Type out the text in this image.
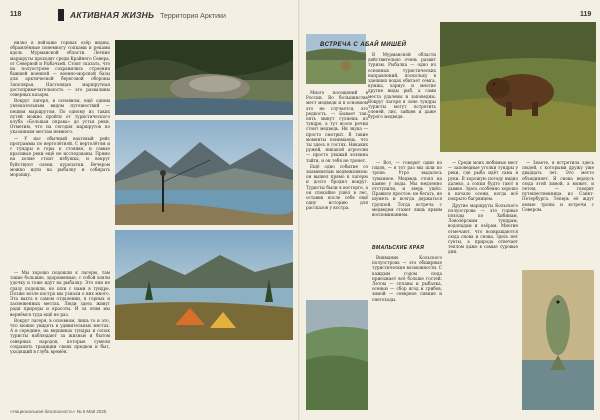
118	АКТИВНАЯ ЖИЗНЬ Территория Арктики

низко в пейзаже горных озёр видны, обрамлённые понемногу сопками и реками вдоль Мурманской области. Летние маршруты проходят среди Крайнего Севера, от Северной и Рыбачьей. Стоит сказать, что на полуострове сохранились строения бывшей военной — военно-морской базы для арктической береговой обороны Заполярья. Настоящая маршрутная достопримечательность — это развалины северных казарм.

Вокруг лагеря, в основном, ещё одним увлекательным видом путешествий — пешим маршрутом. По одному из таких путей можно пройти от туристического клуба «Большая оправа» до устья реки. Отметим, что на сегодня маршрутов по указанным местам немного.

— У нас обычный вахтовый рейс программы по вертолётной. С вертолётом и с тундры в горы к стоянке, и самые красивые реки ещё не исследованы. Прямо на холме стоит избушка, и вокруг буйствуют олени, куропатки. Вечером можно идти на рыбалку и собирать морошку.

— Мы хорошо подошли к лагерю, там такие большие, здоровенные, с собой взяли удочку и тоже идут на рыбалку. Это они не сразу подошли, но шли с нами в тундре. Позже возле костра мы узнали о них много. Эта вахта в самом отдалении, в горных и заснеженных местах. Люди здесь живут ради природы и красоты. И за этим мы вернёмся туда ещё не раз.

Вокруг лагеря, в основном, лишь то и это, что можно увидеть в удивительных местах. А в середине, на вершинах тундры и сопок туристы наблюдают за жизнью и бытом северных народов, которые сумели сохранить традиции своих предков и быт, уходящий в глубь времён.

«Национальная безопасность» № 6 Май 2025
119
ВСТРЕЧА С АБАЙ МИШЕЙ

В Мурманской области действительно очень развит туризм. Рыбалка — одно из основных туристических направлений, поскольку в здешних водах обитает семга, кумжа, хариус и многие другие виды рыб, а сами места удалены и заповедны. Вокруг лагеря в зоне тундры туристы могут встретить оленей, лис, зайцев и даже бурого медведя.

Много посещений в России. Во большинстве мест медведи и в основном это не случается, это редкость. — Бывает так: пять минут гуляешь по тундре, а тут возле речки стоит медведь. Ни звука — просто смотрит. В такие моменты понимаешь, что ты здесь в гостях. Никаких ружей, никакой агрессии — просто уважай хозяина тайги, и он тебя не тронет.

Ещё одно событие со знаменитым медвежонком: он вышел прямо к лагерю и долго бродил вокруг. Туристы были в восторге, а он спокойно ушёл в лес, оставив после себя ещё одну историю для рассказов у костра.

— Вот, — говорит один из гидов, — в тот раз мы шли по тропе. Утро выдалось туманное. Медведь стоял на камне у воды. Мы медленно отступили, и зверь ушёл. Правило простое: не бегать, не шуметь и всегда держаться группой. Тогда встреча с медведем станет лишь ярким воспоминанием.

ВМАЛЬСКИЕ КРАЯ

Внимание Кольского полуострова — это обширные туристические возможности. С каждым годом сюда приезжает всё больше гостей. Летом — сплавы и рыбалка, осенью — сбор ягод и грибов, зимой — северное сияние и снегоходы.

— Среди моих любимых мест — заповедные уголки тундры у реки, где рыба идёт сама в руки. В хорошую погоду видно далеко, а сопки будто тают в дымке. Здесь особенно хорошо в начале осени, когда всё покрыто багрянцем.

Другие маршруты Кольского полуострова — это горные походы по Хибинам, Ловозёрским тундрам, водопадам и озёрам. Многие отмечают, что возвращаются сюда снова и снова. Здесь нет суеты, а природа отвечает теплом даже в самые суровые дни.

— Знаете, я встретила здесь людей, с которыми дружу уже двадцать лет. Это место объединяет. Я снова вернусь сюда этой зимой, а может, и летом, — говорит путешественница из Санкт-Петербурга. Теперь её ждут новые тропы и встречи с Севером.
